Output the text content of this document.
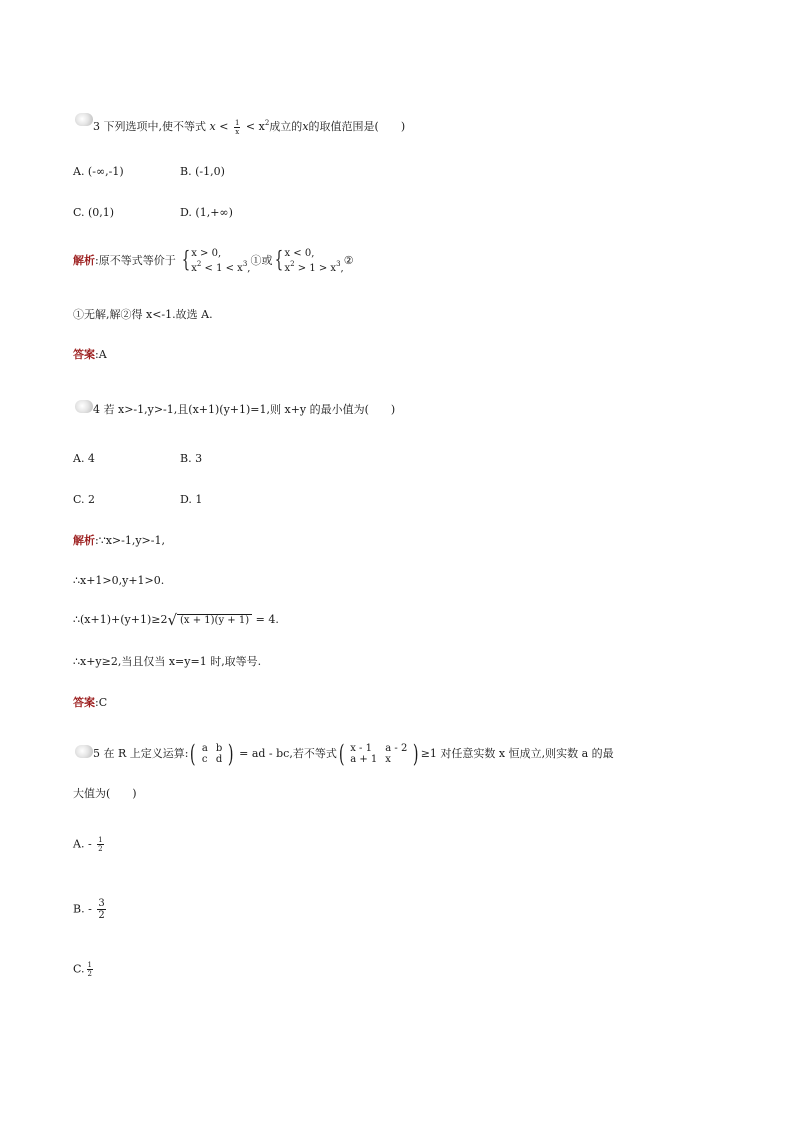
3 下列选项中,使不等式 $x < \frac{1}{x} < x^2$成立的x的取值范围是(　　)
A. (-∞,-1)	B. (-1,0)
C. (0,1)	D. (1,+∞)
解析:原不等式等价于 { x > 0,
$x^2 < 1 < x^3$,
①或 { x < 0,
$x^2 > 1 > x^3$,
②
①无解,解②得 x<-1.故选 A.
答案:A
4 若 x>-1,y>-1,且(x+1)(y+1)=1,则 x+y 的最小值为(　　)
A. 4	B. 3
C. 2	D. 1
解析:∵x>-1,y>-1,
∴x+1>0,y+1>0.
∴(x+1)+(y+1)≥2√ (x + 1)(y + 1) = 4.
∴x+y≥2,当且仅当 x=y=1 时,取等号.
答案:C
5 在 R 上定义运算:( a	b
c	d ) = ad - bc,若不等式( x - 1	a - 2
a + 1	x ) ≥1 对任意实数 x 恒成立,则实数 a 的最
大值为(　　)
A. - $\frac{1}{2}$
B. - $\frac{3}{2}$
C. $\frac{1}{2}$
